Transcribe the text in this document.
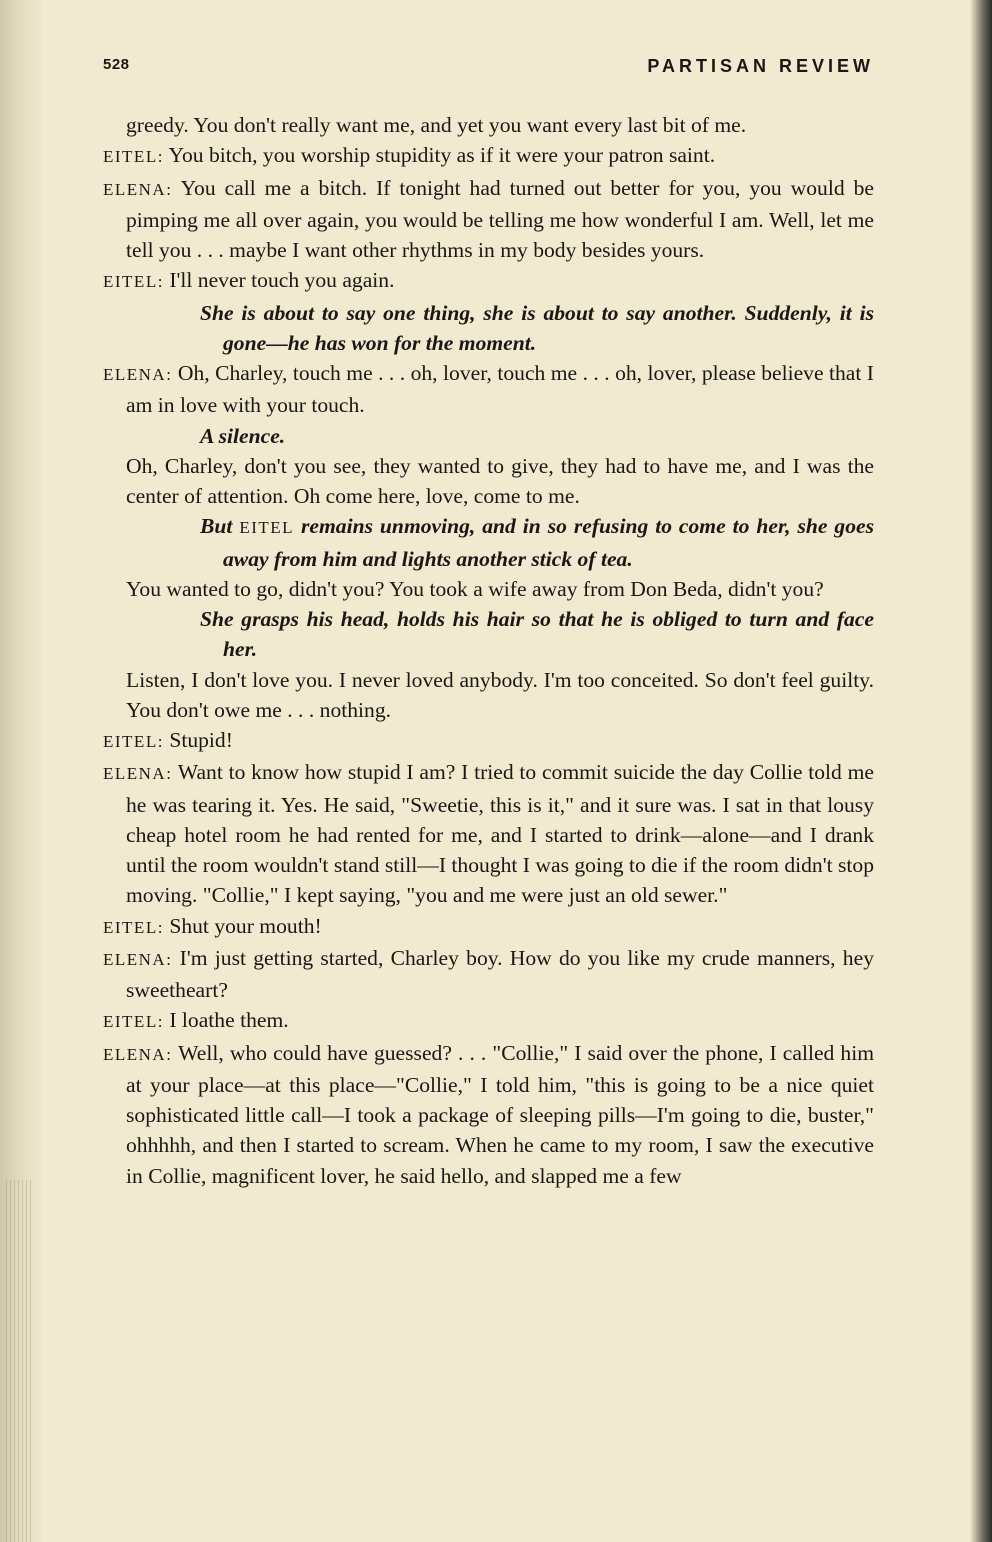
528	PARTISAN REVIEW

greedy. You don't really want me, and yet you want every last bit of me.

EITEL: You bitch, you worship stupidity as if it were your patron saint.

ELENA: You call me a bitch. If tonight had turned out better for you, you would be pimping me all over again, you would be telling me how wonderful I am. Well, let me tell you . . . maybe I want other rhythms in my body besides yours.

EITEL: I'll never touch you again.

She is about to say one thing, she is about to say another. Suddenly, it is gone—he has won for the moment.

ELENA: Oh, Charley, touch me . . . oh, lover, touch me . . . oh, lover, please believe that I am in love with your touch.

A silence.

Oh, Charley, don't you see, they wanted to give, they had to have me, and I was the center of attention. Oh come here, love, come to me.

But EITEL remains unmoving, and in so refusing to come to her, she goes away from him and lights another stick of tea.

You wanted to go, didn't you? You took a wife away from Don Beda, didn't you?

She grasps his head, holds his hair so that he is obliged to turn and face her.

Listen, I don't love you. I never loved anybody. I'm too conceited. So don't feel guilty. You don't owe me . . . nothing.

EITEL: Stupid!

ELENA: Want to know how stupid I am? I tried to commit suicide the day Collie told me he was tearing it. Yes. He said, "Sweetie, this is it," and it sure was. I sat in that lousy cheap hotel room he had rented for me, and I started to drink—alone—and I drank until the room wouldn't stand still—I thought I was going to die if the room didn't stop moving. "Collie," I kept saying, "you and me were just an old sewer."

EITEL: Shut your mouth!

ELENA: I'm just getting started, Charley boy. How do you like my crude manners, hey sweetheart?

EITEL: I loathe them.

ELENA: Well, who could have guessed? . . . "Collie," I said over the phone, I called him at your place—at this place—"Collie," I told him, "this is going to be a nice quiet sophisticated little call—I took a package of sleeping pills—I'm going to die, buster," ohhhhh, and then I started to scream. When he came to my room, I saw the executive in Collie, magnificent lover, he said hello, and slapped me a few
